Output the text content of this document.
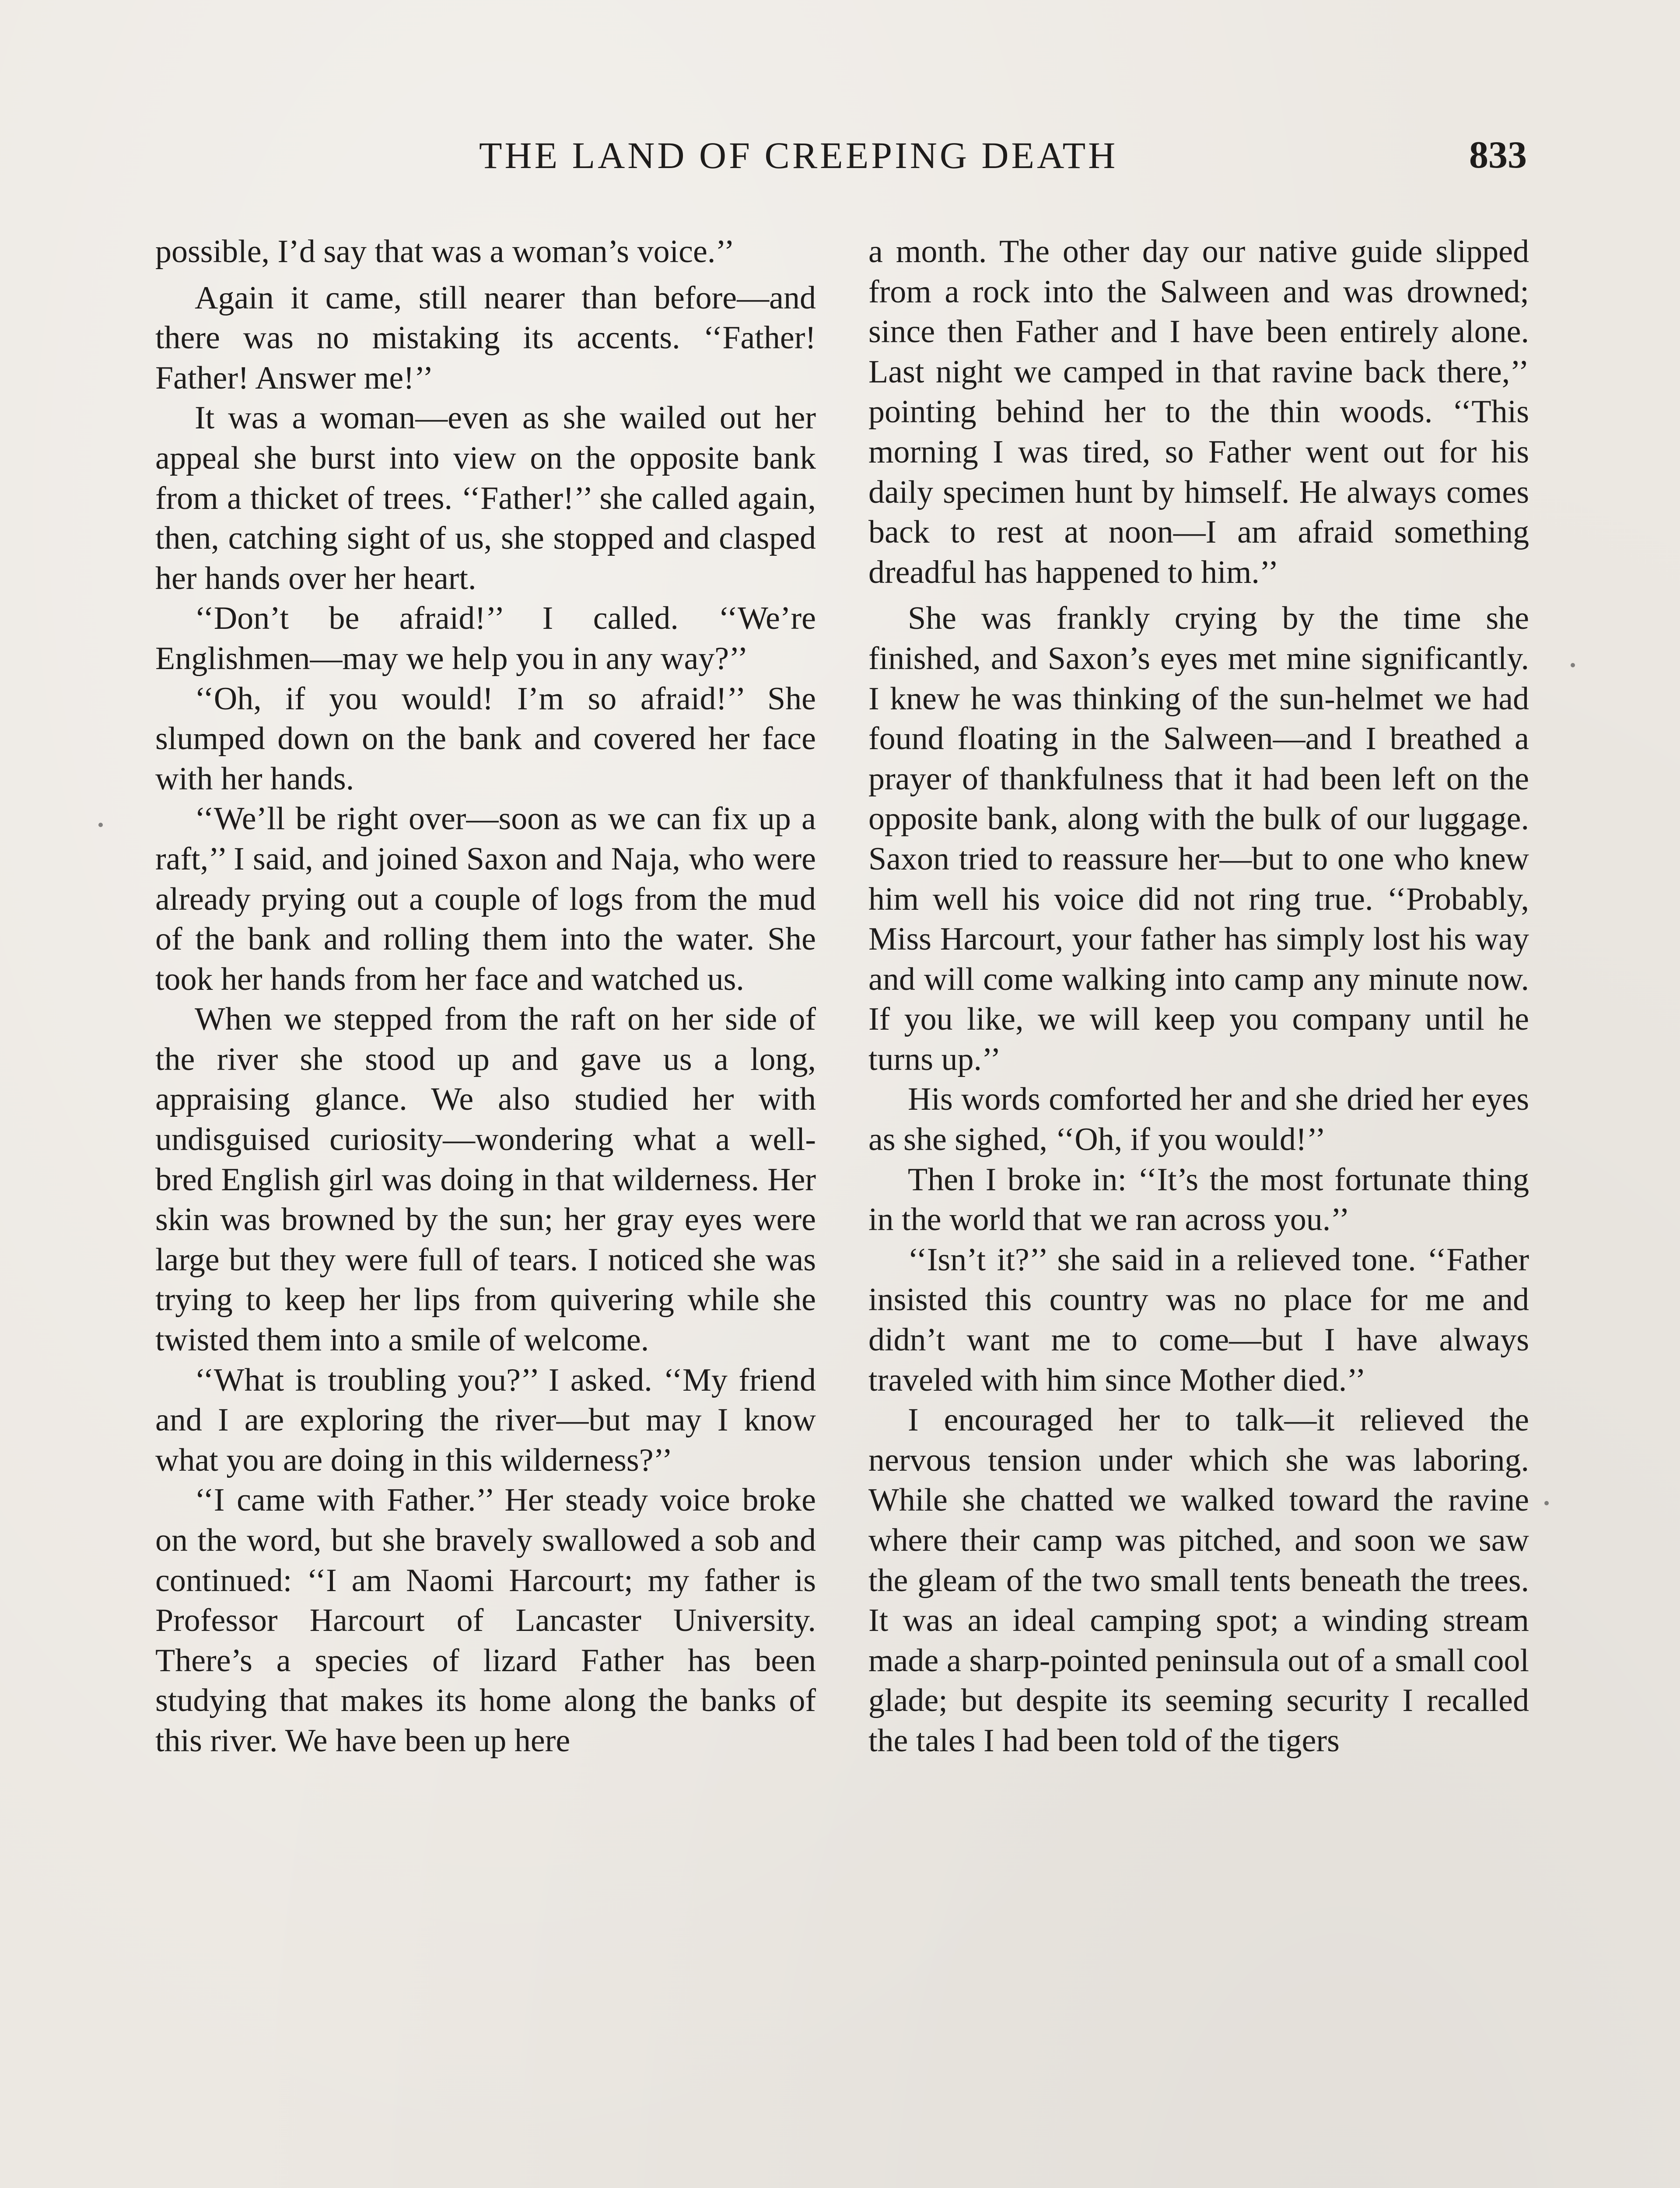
THE LAND OF CREEPING DEATH	833

possible, I’d say that was a woman’s voice.’’

Again it came, still nearer than before—and there was no mistaking its accents. ‘‘Father! Father! Answer me!’’

It was a woman—even as she wailed out her appeal she burst into view on the opposite bank from a thicket of trees. ‘‘Father!’’ she called again, then, catching sight of us, she stopped and clasped her hands over her heart.

‘‘Don’t be afraid!’’ I called. ‘‘We’re Englishmen—may we help you in any way?’’

‘‘Oh, if you would! I’m so afraid!’’ She slumped down on the bank and covered her face with her hands.

‘‘We’ll be right over—soon as we can fix up a raft,’’ I said, and joined Saxon and Naja, who were already prying out a couple of logs from the mud of the bank and rolling them into the water. She took her hands from her face and watched us.

When we stepped from the raft on her side of the river she stood up and gave us a long, appraising glance. We also studied her with undisguised curiosity—wondering what a well-bred English girl was doing in that wilderness. Her skin was browned by the sun; her gray eyes were large but they were full of tears. I noticed she was trying to keep her lips from quivering while she twisted them into a smile of welcome.

‘‘What is troubling you?’’ I asked. ‘‘My friend and I are exploring the river—but may I know what you are doing in this wilderness?’’

‘‘I came with Father.’’ Her steady voice broke on the word, but she bravely swallowed a sob and continued: ‘‘I am Naomi Harcourt; my father is Professor Harcourt of Lancaster University. There’s a species of lizard Father has been studying that makes its home along the banks of this river. We have been up here

a month. The other day our native guide slipped from a rock into the Salween and was drowned; since then Father and I have been entirely alone. Last night we camped in that ravine back there,’’ pointing behind her to the thin woods. ‘‘This morning I was tired, so Father went out for his daily specimen hunt by himself. He always comes back to rest at noon—I am afraid something dreadful has happened to him.’’

She was frankly crying by the time she finished, and Saxon’s eyes met mine significantly. I knew he was thinking of the sun-helmet we had found floating in the Salween—and I breathed a prayer of thankfulness that it had been left on the opposite bank, along with the bulk of our luggage. Saxon tried to reassure her—but to one who knew him well his voice did not ring true. ‘‘Probably, Miss Harcourt, your father has simply lost his way and will come walking into camp any minute now. If you like, we will keep you company until he turns up.’’

His words comforted her and she dried her eyes as she sighed, ‘‘Oh, if you would!’’

Then I broke in: ‘‘It’s the most fortunate thing in the world that we ran across you.’’

‘‘Isn’t it?’’ she said in a relieved tone. ‘‘Father insisted this country was no place for me and didn’t want me to come—but I have always traveled with him since Mother died.’’

I encouraged her to talk—it relieved the nervous tension under which she was laboring. While she chatted we walked toward the ravine where their camp was pitched, and soon we saw the gleam of the two small tents beneath the trees. It was an ideal camping spot; a winding stream made a sharp-pointed peninsula out of a small cool glade; but despite its seeming security I recalled the tales I had been told of the tigers
